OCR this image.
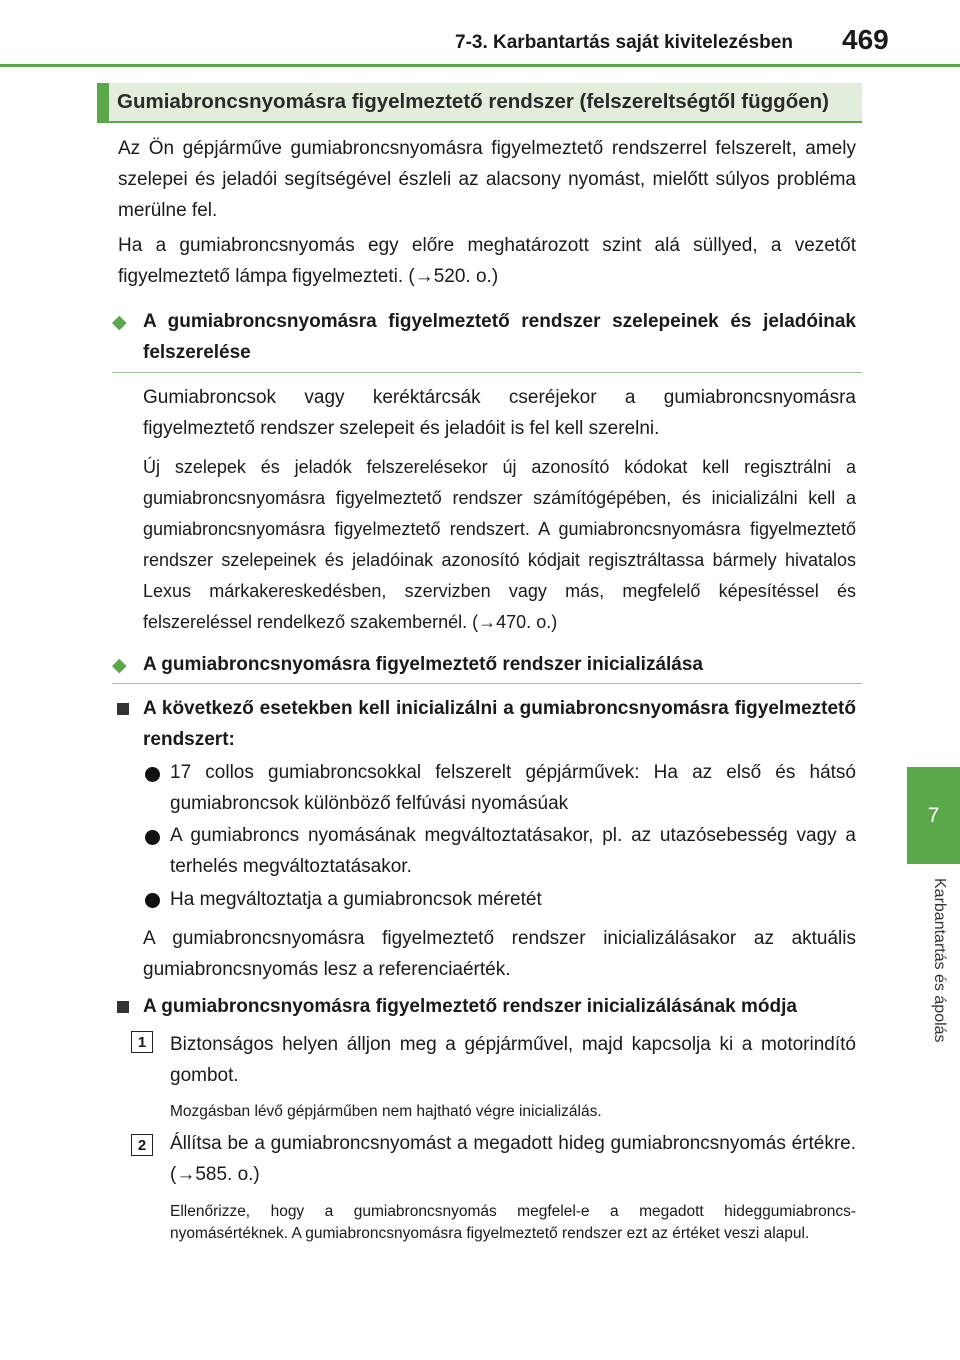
7-3. Karbantartás saját kivitelezésben 469
7
Karbantartás és ápolás
Gumiabroncsnyomásra figyelmeztető rendszer (felszereltségtől függően)
Az Ön gépjárműve gumiabroncsnyomásra figyelmeztető rendszerrel felszerelt, amely szelepei és jeladói segítségével észleli az alacsony nyomást, mielőtt súlyos probléma merülne fel.
Ha a gumiabroncsnyomás egy előre meghatározott szint alá süllyed, a vezetőt figyelmeztető lámpa figyelmezteti. (→520. o.)
◆ A gumiabroncsnyomásra figyelmeztető rendszer szelepeinek és jeladóinak felszerelése
Gumiabroncsok vagy keréktárcsák cseréjekor a gumiabroncsnyomásra figyelmeztető rendszer szelepeit és jeladóit is fel kell szerelni.
Új szelepek és jeladók felszerelésekor új azonosító kódokat kell regisztrálni a gumiabroncsnyomásra figyelmeztető rendszer számítógépében, és inicializálni kell a gumiabroncsnyomásra figyelmeztető rendszert. A gumiabroncsnyomásra figyelmeztető rendszer szelepeinek és jeladóinak azonosító kódjait regisztráltassa bármely hivatalos Lexus márkakereskedésben, szervizben vagy más, megfelelő képesítéssel és felszereléssel rendelkező szakembernél. (→470. o.)
◆ A gumiabroncsnyomásra figyelmeztető rendszer inicializálása
A következő esetekben kell inicializálni a gumiabroncsnyomásra figyelmeztető rendszert:
17 collos gumiabroncsokkal felszerelt gépjárművek: Ha az első és hátsó gumiabroncsok különböző felfúvási nyomásúak
A gumiabroncs nyomásának megváltoztatásakor, pl. az utazósebesség vagy a terhelés megváltoztatásakor.
Ha megváltoztatja a gumiabroncsok méretét
A gumiabroncsnyomásra figyelmeztető rendszer inicializálásakor az aktuális gumiabroncsnyomás lesz a referenciaérték.
A gumiabroncsnyomásra figyelmeztető rendszer inicializálásának módja
1	Biztonságos helyen álljon meg a gépjárművel, majd kapcsolja ki a motorindító gombot.
Mozgásban lévő gépjárműben nem hajtható végre inicializálás.
2	Állítsa be a gumiabroncsnyomást a megadott hideg gumiabroncsnyomás értékre. (→585. o.)
Ellenőrizze, hogy a gumiabroncsnyomás megfelel-e a megadott hideggumiabroncs-nyomásértéknek. A gumiabroncsnyomásra figyelmeztető rendszer ezt az értéket veszi alapul.
